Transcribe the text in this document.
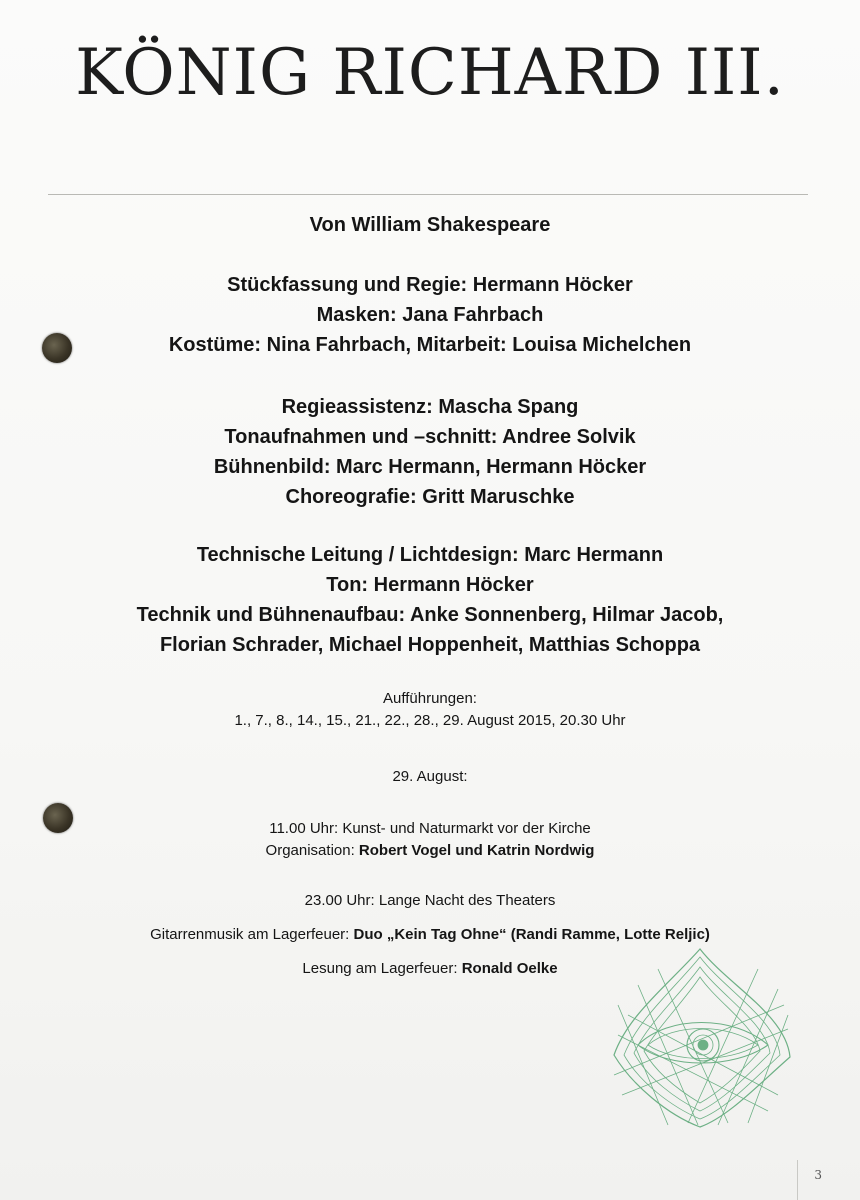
KÖNIG RICHARD III.
Von William Shakespeare
Stückfassung und Regie: Hermann Höcker
Masken: Jana Fahrbach
Kostüme: Nina Fahrbach, Mitarbeit: Louisa Michelchen
Regieassistenz: Mascha Spang
Tonaufnahmen und –schnitt: Andree Solvik
Bühnenbild: Marc Hermann, Hermann Höcker
Choreografie: Gritt Maruschke
Technische Leitung / Lichtdesign: Marc Hermann
Ton: Hermann Höcker
Technik und Bühnenaufbau: Anke Sonnenberg, Hilmar Jacob,
Florian Schrader, Michael Hoppenheit, Matthias Schoppa
Aufführungen:
1., 7., 8., 14., 15., 21., 22., 28., 29. August 2015, 20.30 Uhr
29. August:
11.00 Uhr: Kunst- und Naturmarkt vor der Kirche
Organisation: Robert Vogel und Katrin Nordwig
23.00 Uhr: Lange Nacht des Theaters
Gitarrenmusik am Lagerfeuer: Duo „Kein Tag Ohne“ (Randi Ramme, Lotte Reljic)
Lesung am Lagerfeuer: Ronald Oelke
3
